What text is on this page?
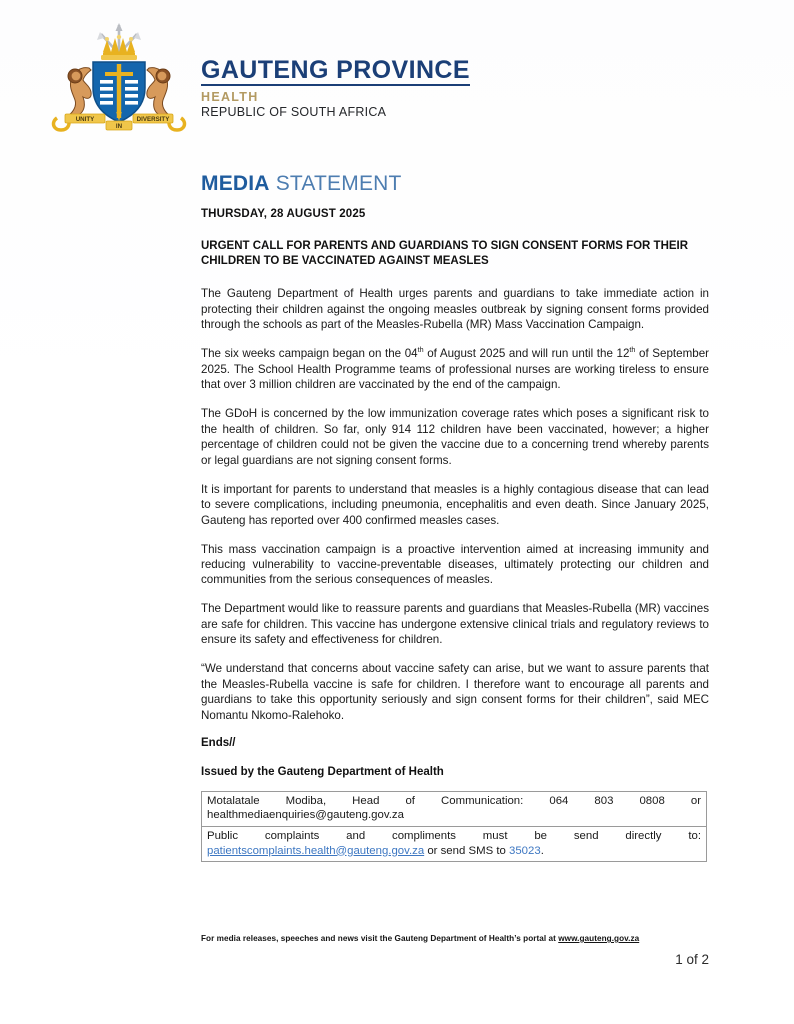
UNITY	DIVERSITY
IN
GAUTENG PROVINCE
HEALTH
REPUBLIC OF SOUTH AFRICA
MEDIA STATEMENT
THURSDAY, 28 AUGUST 2025
URGENT CALL FOR PARENTS AND GUARDIANS TO SIGN CONSENT FORMS FOR THEIR CHILDREN TO BE VACCINATED AGAINST MEASLES

The Gauteng Department of Health urges parents and guardians to take immediate action in protecting their children against the ongoing measles outbreak by signing consent forms provided through the schools as part of the Measles-Rubella (MR) Mass Vaccination Campaign.

The six weeks campaign began on the 04th of August 2025 and will run until the 12th of September 2025. The School Health Programme teams of professional nurses are working tireless to ensure that over 3 million children are vaccinated by the end of the campaign.

The GDoH is concerned by the low immunization coverage rates which poses a significant risk to the health of children. So far, only 914 112 children have been vaccinated, however; a higher percentage of children could not be given the vaccine due to a concerning trend whereby parents or legal guardians are not signing consent forms.

It is important for parents to understand that measles is a highly contagious disease that can lead to severe complications, including pneumonia, encephalitis and even death. Since January 2025, Gauteng has reported over 400 confirmed measles cases.

This mass vaccination campaign is a proactive intervention aimed at increasing immunity and reducing vulnerability to vaccine-preventable diseases, ultimately protecting our children and communities from the serious consequences of measles.

The Department would like to reassure parents and guardians that Measles-Rubella (MR) vaccines are safe for children. This vaccine has undergone extensive clinical trials and regulatory reviews to ensure its safety and effectiveness for children.

“We understand that concerns about vaccine safety can arise, but we want to assure parents that the Measles-Rubella vaccine is safe for children. I therefore want to encourage all parents and guardians to take this opportunity seriously and sign consent forms for their children”, said MEC Nomantu Nkomo-Ralehoko.

Ends//
Issued by the Gauteng Department of Health
Motalatale Modiba, Head of Communication: 064 803 0808 or healthmediaenquiries@gauteng.gov.za
Public complaints and compliments must be send directly to: patientscomplaints.health@gauteng.gov.za or send SMS to 35023.
For media releases, speeches and news visit the Gauteng Department of Health’s portal at www.gauteng.gov.za
1 of 2
